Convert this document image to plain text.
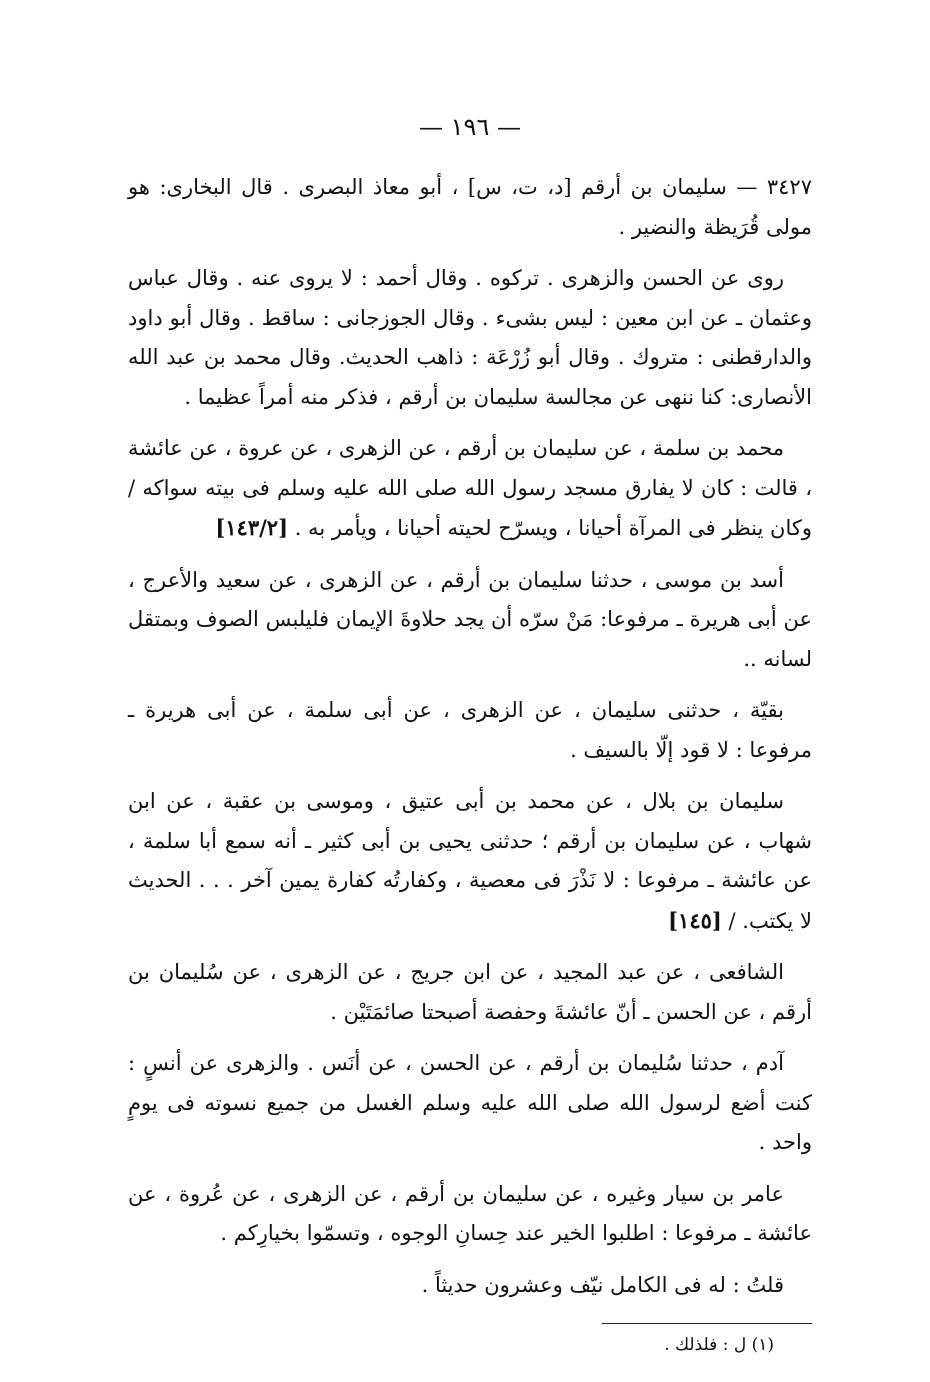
— ١٩٦ —

٣٤٢٧ — سليمان بن أرقم [د، ت، س] ، أبو معاذ البصرى . قال البخارى: هو مولى قُرَيظة والنضير .

روى عن الحسن والزهرى . تركوه . وقال أحمد : لا يروى عنه . وقال عباس وعثمان ـ عن ابن معين : ليس بشىء . وقال الجوزجانى : ساقط . وقال أبو داود والدارقطنى : متروك . وقال أبو زُرْعَة : ذاهب الحديث. وقال محمد بن عبد الله الأنصارى: كنا ننهى عن مجالسة سليمان بن أرقم ، فذكر منه أمراً عظيما .

محمد بن سلمة ، عن سليمان بن أرقم ، عن الزهرى ، عن عروة ، عن عائشة ، قالت : كان لا يفارق مسجد رسول الله صلى الله عليه وسلم فى بيته سواكه / وكان ينظر فى المرآة أحيانا ، ويسرّح لحيته أحيانا ، ويأمر به . [١٤٣/٢]

أسد بن موسى ، حدثنا سليمان بن أرقم ، عن الزهرى ، عن سعيد والأعرج ، عن أبى هريرة ـ مرفوعا: مَنْ سرّه أن يجد حلاوةَ الإيمان فليلبس الصوف وبمتقل لسانه ..

بقيّة ، حدثنى سليمان ، عن الزهرى ، عن أبى سلمة ، عن أبى هريرة ـ مرفوعا : لا قود إلّا بالسيف .

سليمان بن بلال ، عن محمد بن أبى عتيق ، وموسى بن عقبة ، عن ابن شهاب ، عن سليمان بن أرقم ؛ حدثنى يحيى بن أبى كثير ـ أنه سمع أبا سلمة ، عن عائشة ـ مرفوعا : لا نَذْرَ فى معصية ، وكفارتُه كفارة يمين آخر . . . الحديث لا يكتب. / [١٤٥]

الشافعى ، عن عبد المجيد ، عن ابن جريج ، عن الزهرى ، عن سُليمان بن أرقم ، عن الحسن ـ أنّ عائشةَ وحفصة أصبحتا صائمَتَيْن .

آدم ، حدثنا سُليمان بن أرقم ، عن الحسن ، عن أنَس . والزهرى عن أنسٍ : كنت أضع لرسول الله صلى الله عليه وسلم الغسل من جميع نسوته فى يومٍ واحد .

عامر بن سيار وغيره ، عن سليمان بن أرقم ، عن الزهرى ، عن عُروة ، عن عائشة ـ مرفوعا : اطلبوا الخير عند حِسانِ الوجوه ، وتسمّوا بخيارِكم .

قلتُ : له فى الكامل نيّف وعشرون حديثاً .

(١) ل : فلذلك .
